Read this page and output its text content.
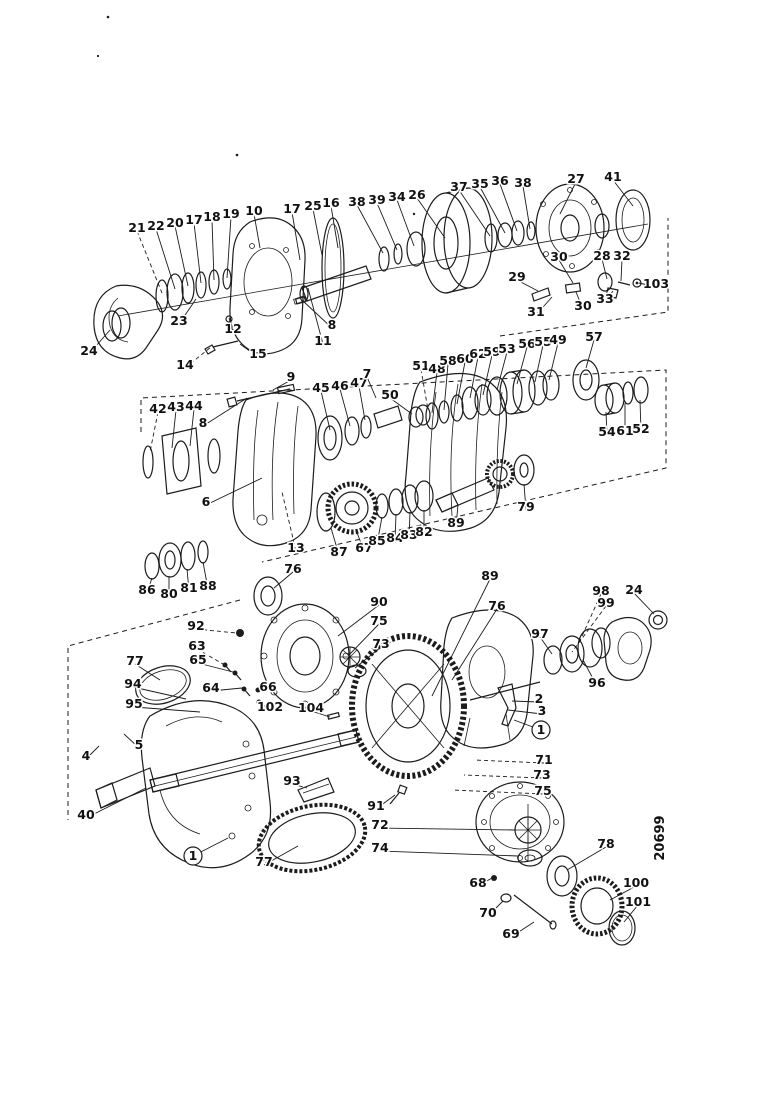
20699
21 22 20 17 18 19 10 17 25 16 38 39 34 26
37 35 36 38	27 41
24
23
12
14
15
11
8
29
31
30
30
28 32
33
103
9
8
6
42 43 44
45 46 47
7
50
51
48
58 60
62
59
53 56
55
49 57
54 61
52
13 87 67
85 84
83
82
89
79
86 80 81 88
76
92
63
65
64	66
102 104
90
75
73
89
76
98
99
24
97
96
2
3
71
73
75
77
94
95
5
4
40
93
91
72
74
77
68
70
69
100
101
78
1
1
